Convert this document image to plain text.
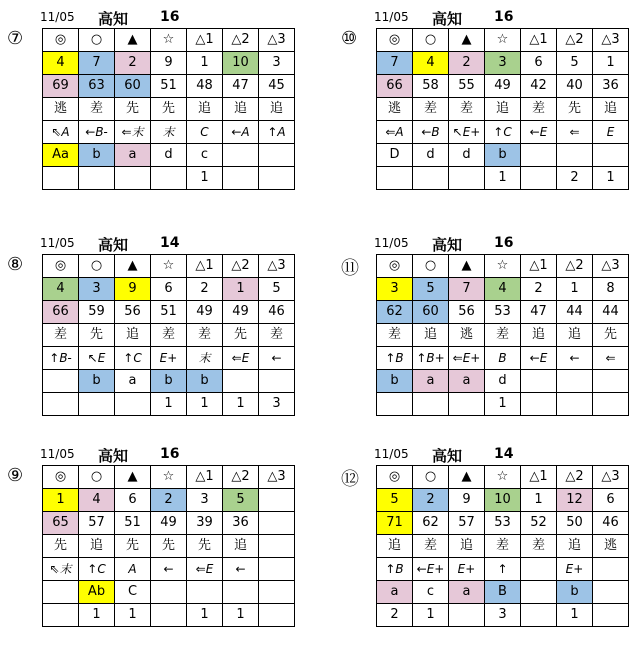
⑦
11/05 高知 16
◎	○	▲	☆	△1	△2	△3
4	7	2	9	1	10	3
69	63	60	51	48	47	45
逃	差	先	先	追	追	追
⇖A	←B-	⇐末	末	C	←A	↑A
Aa	b	a	d	c		
				1		
⑩
11/05 高知 16
◎	○	▲	☆	△1	△2	△3
7	4	2	3	6	5	1
66	58	55	49	42	40	36
逃	差	差	追	差	先	追
⇐A	←B	↖E+	↑C	←E	⇐	E
D	d	d	b			
			1		2	1
⑧
11/05 高知 14
◎	○	▲	☆	△1	△2	△3
4	3	9	6	2	1	5
66	59	56	51	49	49	46
差	先	追	差	差	先	差
↑B-	↖E	↑C	E+	末	⇐E	←
	b	a	b	b		
			1	1	1	3
⑪
11/05 高知 16
◎	○	▲	☆	△1	△2	△3
3	5	7	4	2	1	8
62	60	56	53	47	44	44
差	追	逃	差	追	追	先
↑B	↑B+	⇐E+	B	←E	←	⇐
b	a	a	d			
			1			
⑨
11/05 高知 16
◎	○	▲	☆	△1	△2	△3
1	4	6	2	3	5	
65	57	51	49	39	36	
先	追	先	先	先	追	
⇖末	↑C	A	←	⇐E	←	
	Ab	C				
	1	1		1	1	
⑫
11/05 高知 14
◎	○	▲	☆	△1	△2	△3
5	2	9	10	1	12	6
71	62	57	53	52	50	46
追	差	追	差	差	追	逃
↑B	←E+	E+	↑		E+	
a	c	a	B		b	
2	1		3		1	
